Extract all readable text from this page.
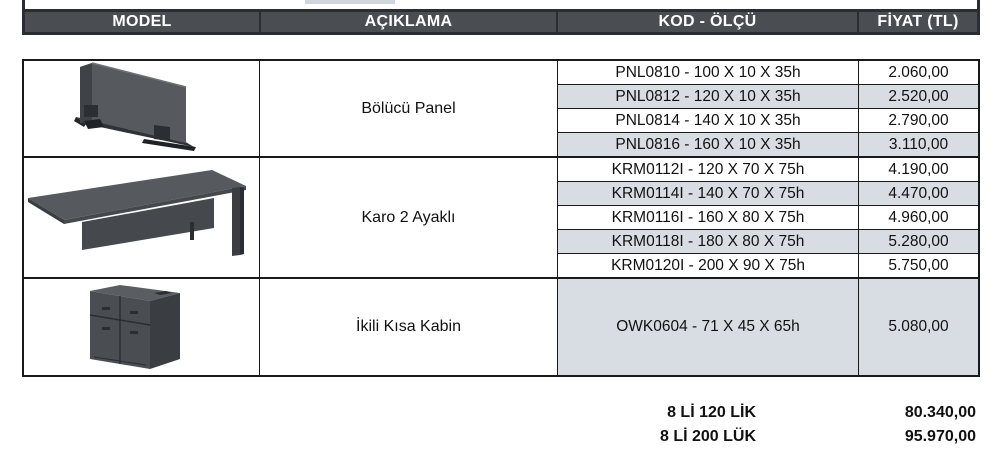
MODEL	AÇIKLAMA	KOD - ÖLÇÜ	FİYAT (TL)
Bölücü Panel
PNL0810 - 100 X 10 X 35h	2.060,00
PNL0812 - 120 X 10 X 35h	2.520,00
PNL0814 - 140 X 10 X 35h	2.790,00
PNL0816 - 160 X 10 X 35h	3.110,00
Karo 2 Ayaklı
KRM0112I - 120 X 70 X 75h	4.190,00
KRM0114I - 140 X 70 X 75h	4.470,00
KRM0116I - 160 X 80 X 75h	4.960,00
KRM0118I - 180 X 80 X 75h	5.280,00
KRM0120I - 200 X 90 X 75h	5.750,00
İkili Kısa Kabin	OWK0604 - 71 X 45 X 65h	5.080,00
8 Lİ 120 LİK	80.340,00
8 Lİ 200 LÜK	95.970,00
